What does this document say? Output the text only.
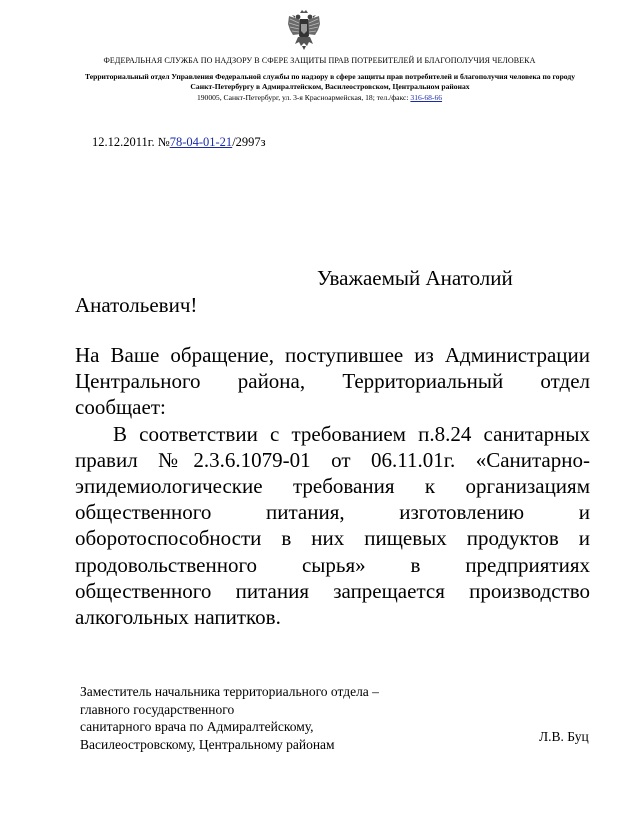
ФЕДЕРАЛЬНАЯ СЛУЖБА ПО НАДЗОРУ В СФЕРЕ ЗАЩИТЫ ПРАВ ПОТРЕБИТЕЛЕЙ И БЛАГОПОЛУЧИЯ ЧЕЛОВЕКА
Территориальный отдел Управления Федеральной службы по надзору в сфере защиты прав потребителей и благополучия человека по городу Санкт-Петербургу в Адмиралтейском, Василеостровском, Центральном районах
190005, Санкт-Петербург, ул. 3-я Красноармейская, 18; тел./факс: 316-68-66
12.12.2011г. №78-04-01-21/2997з
Уважаемый Анатолий
Анатольевич!

На Ваше обращение, поступившее из Администрации Центрального района, Территориальный отдел сообщает:

В соответствии с требованием п.8.24 санитарных правил №2.3.6.1079-01 от 06.11.01г. «Санитарно-эпидемиологические требования к организациям общественного питания, изготовлению и оборотоспособности в них пищевых продуктов и продовольственного сырья» в предприятиях общественного питания запрещается производство алкогольных напитков.

Заместитель начальника территориального отдела –
главного государственного
санитарного врача по Адмиралтейскому,
Василеостровскому, Центральному районам	Л.В. Буц
